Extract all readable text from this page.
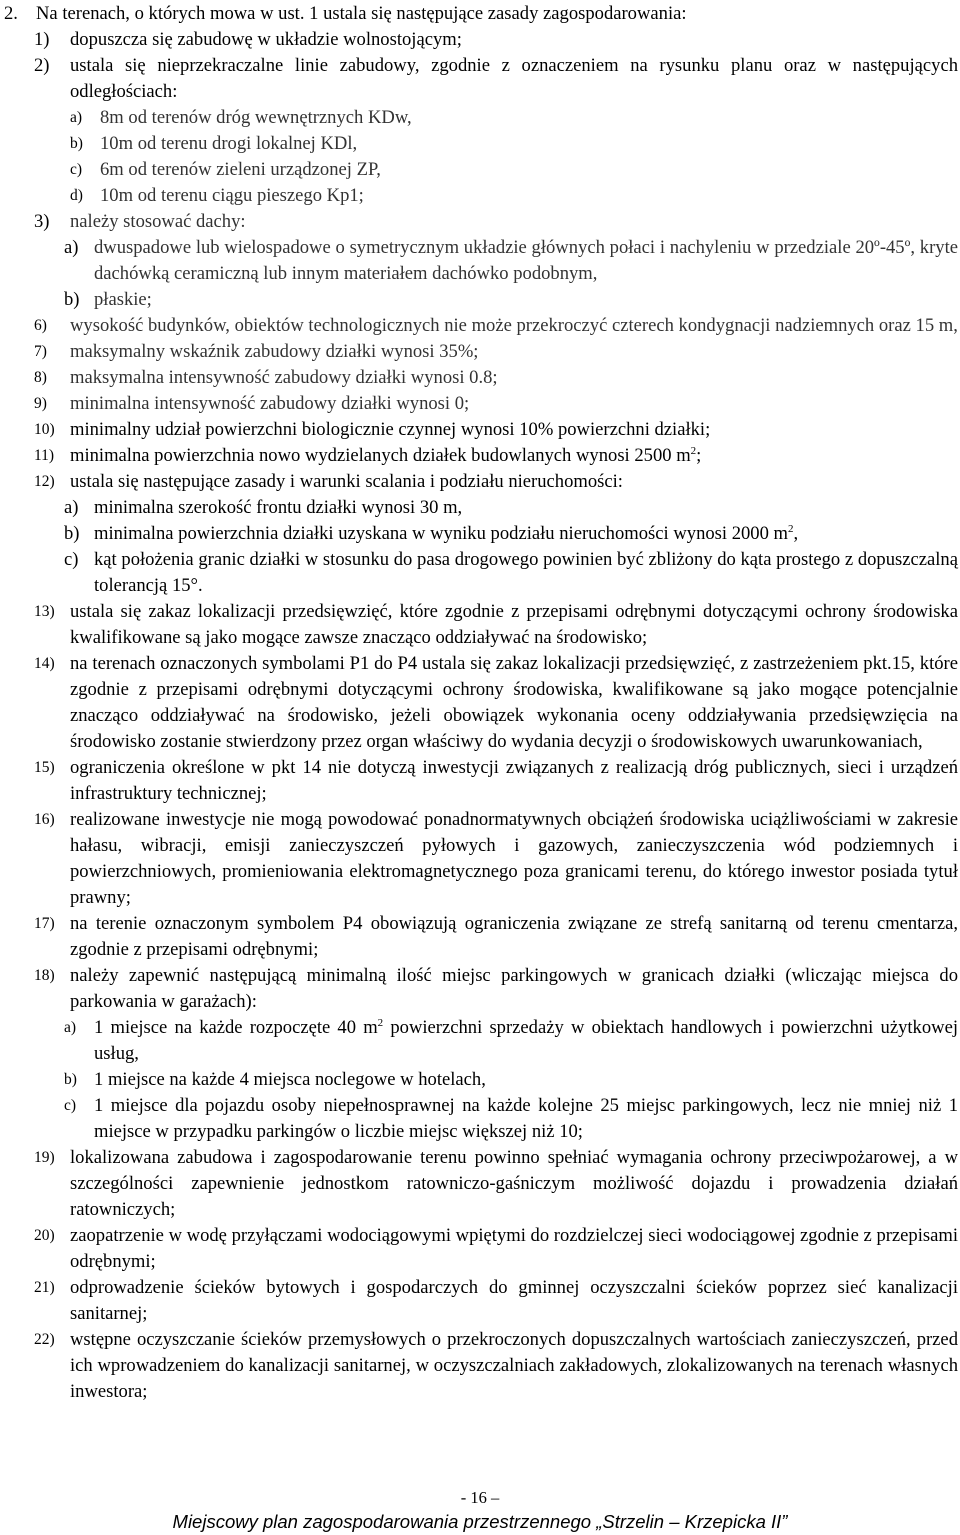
2. Na terenach, o których mowa w ust. 1 ustala się następujące zasady zagospodarowania:
1)	dopuszcza się zabudowę w układzie wolnostojącym;
2)	ustala się nieprzekraczalne linie zabudowy, zgodnie z oznaczeniem na rysunku planu oraz w następujących odległościach:
a) 8m od terenów dróg wewnętrznych KDw,
b) 10m od terenu drogi lokalnej KDl,
c) 6m od terenów zieleni urządzonej ZP,
d) 10m od terenu ciągu pieszego Kp1;
3)	należy stosować dachy:
a) dwuspadowe lub wielospadowe o symetrycznym układzie głównych połaci i nachyleniu w przedziale 20º-45º, kryte dachówką ceramiczną lub innym materiałem dachówko podobnym,
b) płaskie;
6)	wysokość budynków, obiektów technologicznych nie może przekroczyć czterech kondygnacji nadziemnych oraz 15 m,
7)	maksymalny wskaźnik zabudowy działki wynosi 35%;
8)	maksymalna intensywność zabudowy działki wynosi 0.8;
9)	minimalna intensywność zabudowy działki wynosi 0;
10) minimalny udział powierzchni biologicznie czynnej wynosi 10% powierzchni działki;
11) minimalna powierzchnia nowo wydzielanych działek budowlanych wynosi 2500 $m^2$;
12) ustala się następujące zasady i warunki scalania i podziału nieruchomości:
a) minimalna szerokość frontu działki wynosi 30 m,
b) minimalna powierzchnia działki uzyskana w wyniku podziału nieruchomości wynosi 2000 $m^2$,
c) kąt położenia granic działki w stosunku do pasa drogowego powinien być zbliżony do kąta prostego z dopuszczalną tolerancją 15°.
13) ustala się zakaz lokalizacji przedsięwzięć, które zgodnie z przepisami odrębnymi dotyczącymi ochrony środowiska kwalifikowane są jako mogące zawsze znacząco oddziaływać na środowisko;
14) na terenach oznaczonych symbolami P1 do P4 ustala się zakaz lokalizacji przedsięwzięć, z zastrzeżeniem pkt.15, które zgodnie z przepisami odrębnymi dotyczącymi ochrony środowiska, kwalifikowane są jako mogące potencjalnie znacząco oddziaływać na środowisko, jeżeli obowiązek wykonania oceny oddziaływania przedsięwzięcia na środowisko zostanie stwierdzony przez organ właściwy do wydania decyzji o środowiskowych uwarunkowaniach,
15) ograniczenia określone w pkt 14 nie dotyczą inwestycji związanych z realizacją dróg publicznych, sieci i urządzeń infrastruktury technicznej;
16) realizowane inwestycje nie mogą powodować ponadnormatywnych obciążeń środowiska uciążliwościami w zakresie hałasu, wibracji, emisji zanieczyszczeń pyłowych i gazowych, zanieczyszczenia wód podziemnych i powierzchniowych, promieniowania elektromagnetycznego poza granicami terenu, do którego inwestor posiada tytuł prawny;
17) na terenie oznaczonym symbolem P4 obowiązują ograniczenia związane ze strefą sanitarną od terenu cmentarza, zgodnie z przepisami odrębnymi;
18) należy zapewnić następującą minimalną ilość miejsc parkingowych w granicach działki (wliczając miejsca do parkowania w garażach):
a) 1 miejsce na każde rozpoczęte 40 $m^2$ powierzchni sprzedaży w obiektach handlowych i powierzchni użytkowej usług,
b) 1 miejsce na każde 4 miejsca noclegowe w hotelach,
c) 1 miejsce dla pojazdu osoby niepełnosprawnej na każde kolejne 25 miejsc parkingowych, lecz nie mniej niż 1 miejsce w przypadku parkingów o liczbie miejsc większej niż 10;
19) lokalizowana zabudowa i zagospodarowanie terenu powinno spełniać wymagania ochrony przeciwpożarowej, a w szczególności zapewnienie jednostkom ratowniczo-gaśniczym możliwość dojazdu i prowadzenia działań ratowniczych;
20) zaopatrzenie w wodę przyłączami wodociągowymi wpiętymi do rozdzielczej sieci wodociągowej zgodnie z przepisami odrębnymi;
21) odprowadzenie ścieków bytowych i gospodarczych do gminnej oczyszczalni ścieków poprzez sieć kanalizacji sanitarnej;
22) wstępne oczyszczanie ścieków przemysłowych o przekroczonych dopuszczalnych wartościach zanieczyszczeń, przed ich wprowadzeniem do kanalizacji sanitarnej, w oczyszczalniach zakładowych, zlokalizowanych na terenach własnych inwestora;
- 16 –
Miejscowy plan zagospodarowania przestrzennego „Strzelin – Krzepicka II”
